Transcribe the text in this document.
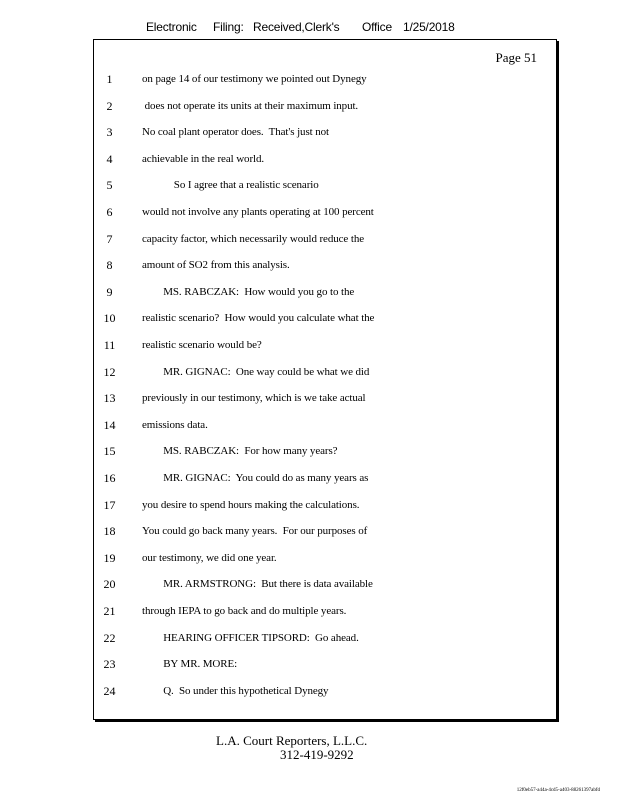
Electronic Filing: Received,Clerk's Office 1/25/2018
Page 51
1	on page 14 of our testimony we pointed out Dynegy
2	does not operate its units at their maximum input.
3	No coal plant operator does.  That's just not
4	achievable in the real world.
5	So I agree that a realistic scenario
6	would not involve any plants operating at 100 percent
7	capacity factor, which necessarily would reduce the
8	amount of SO2 from this analysis.
9	MS. RABCZAK:  How would you go to the
10	realistic scenario?  How would you calculate what the
11	realistic scenario would be?
12	MR. GIGNAC:  One way could be what we did
13	previously in our testimony, which is we take actual
14	emissions data.
15	MS. RABCZAK:  For how many years?
16	MR. GIGNAC:  You could do as many years as
17	you desire to spend hours making the calculations.
18	You could go back many years.  For our purposes of
19	our testimony, we did one year.
20	MR. ARMSTRONG:  But there is data available
21	through IEPA to go back and do multiple years.
22	HEARING OFFICER TIPSORD:  Go ahead.
23	BY MR. MORE:
24	Q.  So under this hypothetical Dynegy
L.A. Court Reporters, L.L.C.
312-419-9292
12f0eb57-a44a-4cd5-a403-88261397abfd
